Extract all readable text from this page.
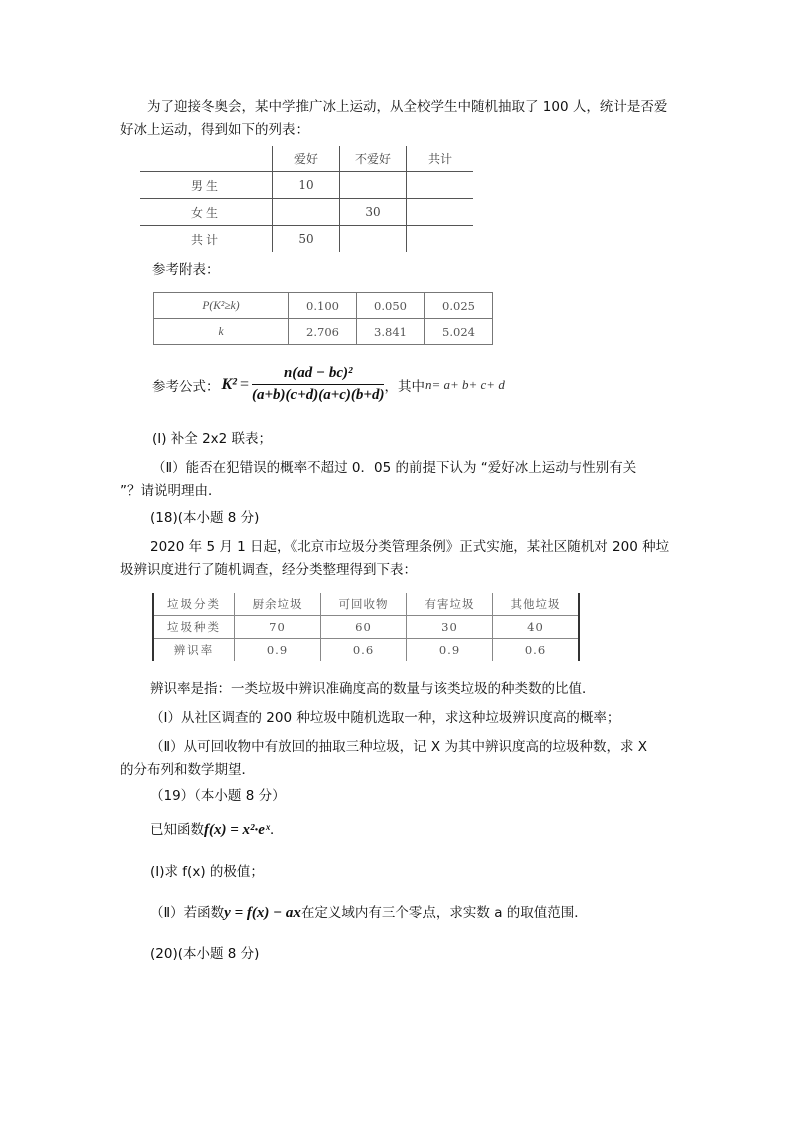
为了迎接冬奥会，某中学推广冰上运动，从全校学生中随机抽取了 100 人，统计是否爱
好冰上运动，得到如下的列表：
	爱好	不爱好	共计
男生	10		
女生		30	
共计	50		
参考附表：
P(K²≥k)	0.100	0.050	0.025
k	2.706	3.841	5.024
参考公式： $K^2 = \frac{\text{n(ad − bc)²}}{(a+b)(c+d)(a+c)(b+d)}$ ，其中 n= a+ b+ c+ d
(Ⅰ) 补全 2x2 联表；
（Ⅱ）能否在犯错误的概率不超过 0．05 的前提下认为 “爱好冰上运动与性别有关
”？请说明理由．
(18)(本小题 8 分)
2020 年 5 月 1 日起，《北京市垃圾分类管理条例》正式实施，某社区随机对 200 种垃
圾辨识度进行了随机调查，经分类整理得到下表：
垃圾分类	厨余垃圾	可回收物	有害垃圾	其他垃圾
垃圾种类	70	60	30	40
辨识率	0.9	0.6	0.9	0.6
辨识率是指：一类垃圾中辨识准确度高的数量与该类垃圾的种类数的比值．
（Ⅰ）从社区调查的 200 种垃圾中随机选取一种，求这种垃圾辨识度高的概率；
（Ⅱ）从可回收物中有放回的抽取三种垃圾，记 X 为其中辨识度高的垃圾种数，求 X
的分布列和数学期望．
（19）（本小题 8 分）
已知函数f(x) = x²·eˣ．
(Ⅰ)求 f(x) 的极值；
（Ⅱ）若函数y = f(x) − ax在定义域内有三个零点，求实数 a 的取值范围．
(20)(本小题 8 分)
